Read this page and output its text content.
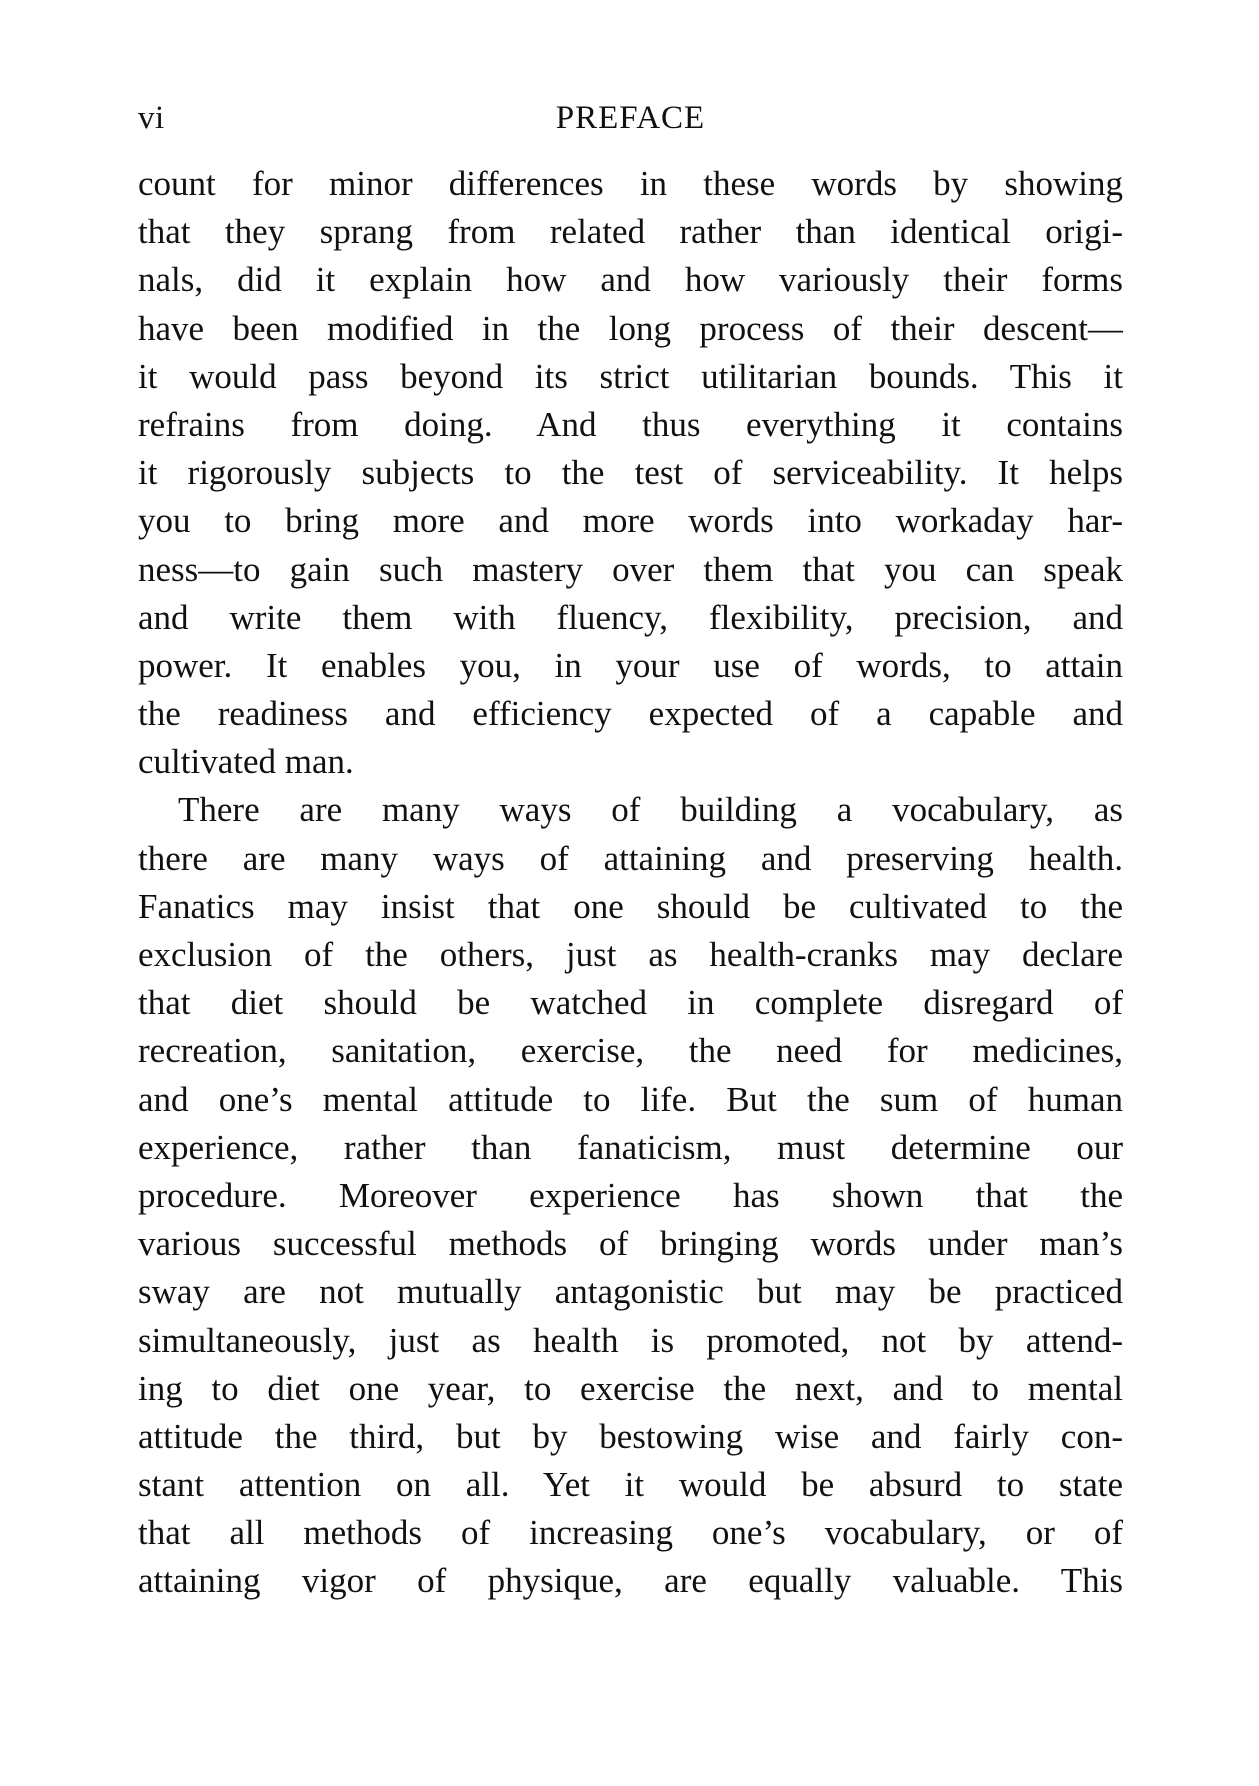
vi	PREFACE
count for minor differences in these words by showing
that they sprang from related rather than identical origi-
nals, did it explain how and how variously their forms
have been modified in the long process of their descent—
it would pass beyond its strict utilitarian bounds. This it
refrains from doing. And thus everything it contains
it rigorously subjects to the test of serviceability. It helps
you to bring more and more words into workaday har-
ness—to gain such mastery over them that you can speak
and write them with fluency, flexibility, precision, and
power. It enables you, in your use of words, to attain
the readiness and efficiency expected of a capable and
cultivated man.
There are many ways of building a vocabulary, as
there are many ways of attaining and preserving health.
Fanatics may insist that one should be cultivated to the
exclusion of the others, just as health-cranks may declare
that diet should be watched in complete disregard of
recreation, sanitation, exercise, the need for medicines,
and one’s mental attitude to life. But the sum of human
experience, rather than fanaticism, must determine our
procedure. Moreover experience has shown that the
various successful methods of bringing words under man’s
sway are not mutually antagonistic but may be practiced
simultaneously, just as health is promoted, not by attend-
ing to diet one year, to exercise the next, and to mental
attitude the third, but by bestowing wise and fairly con-
stant attention on all. Yet it would be absurd to state
that all methods of increasing one’s vocabulary, or of
attaining vigor of physique, are equally valuable. This
